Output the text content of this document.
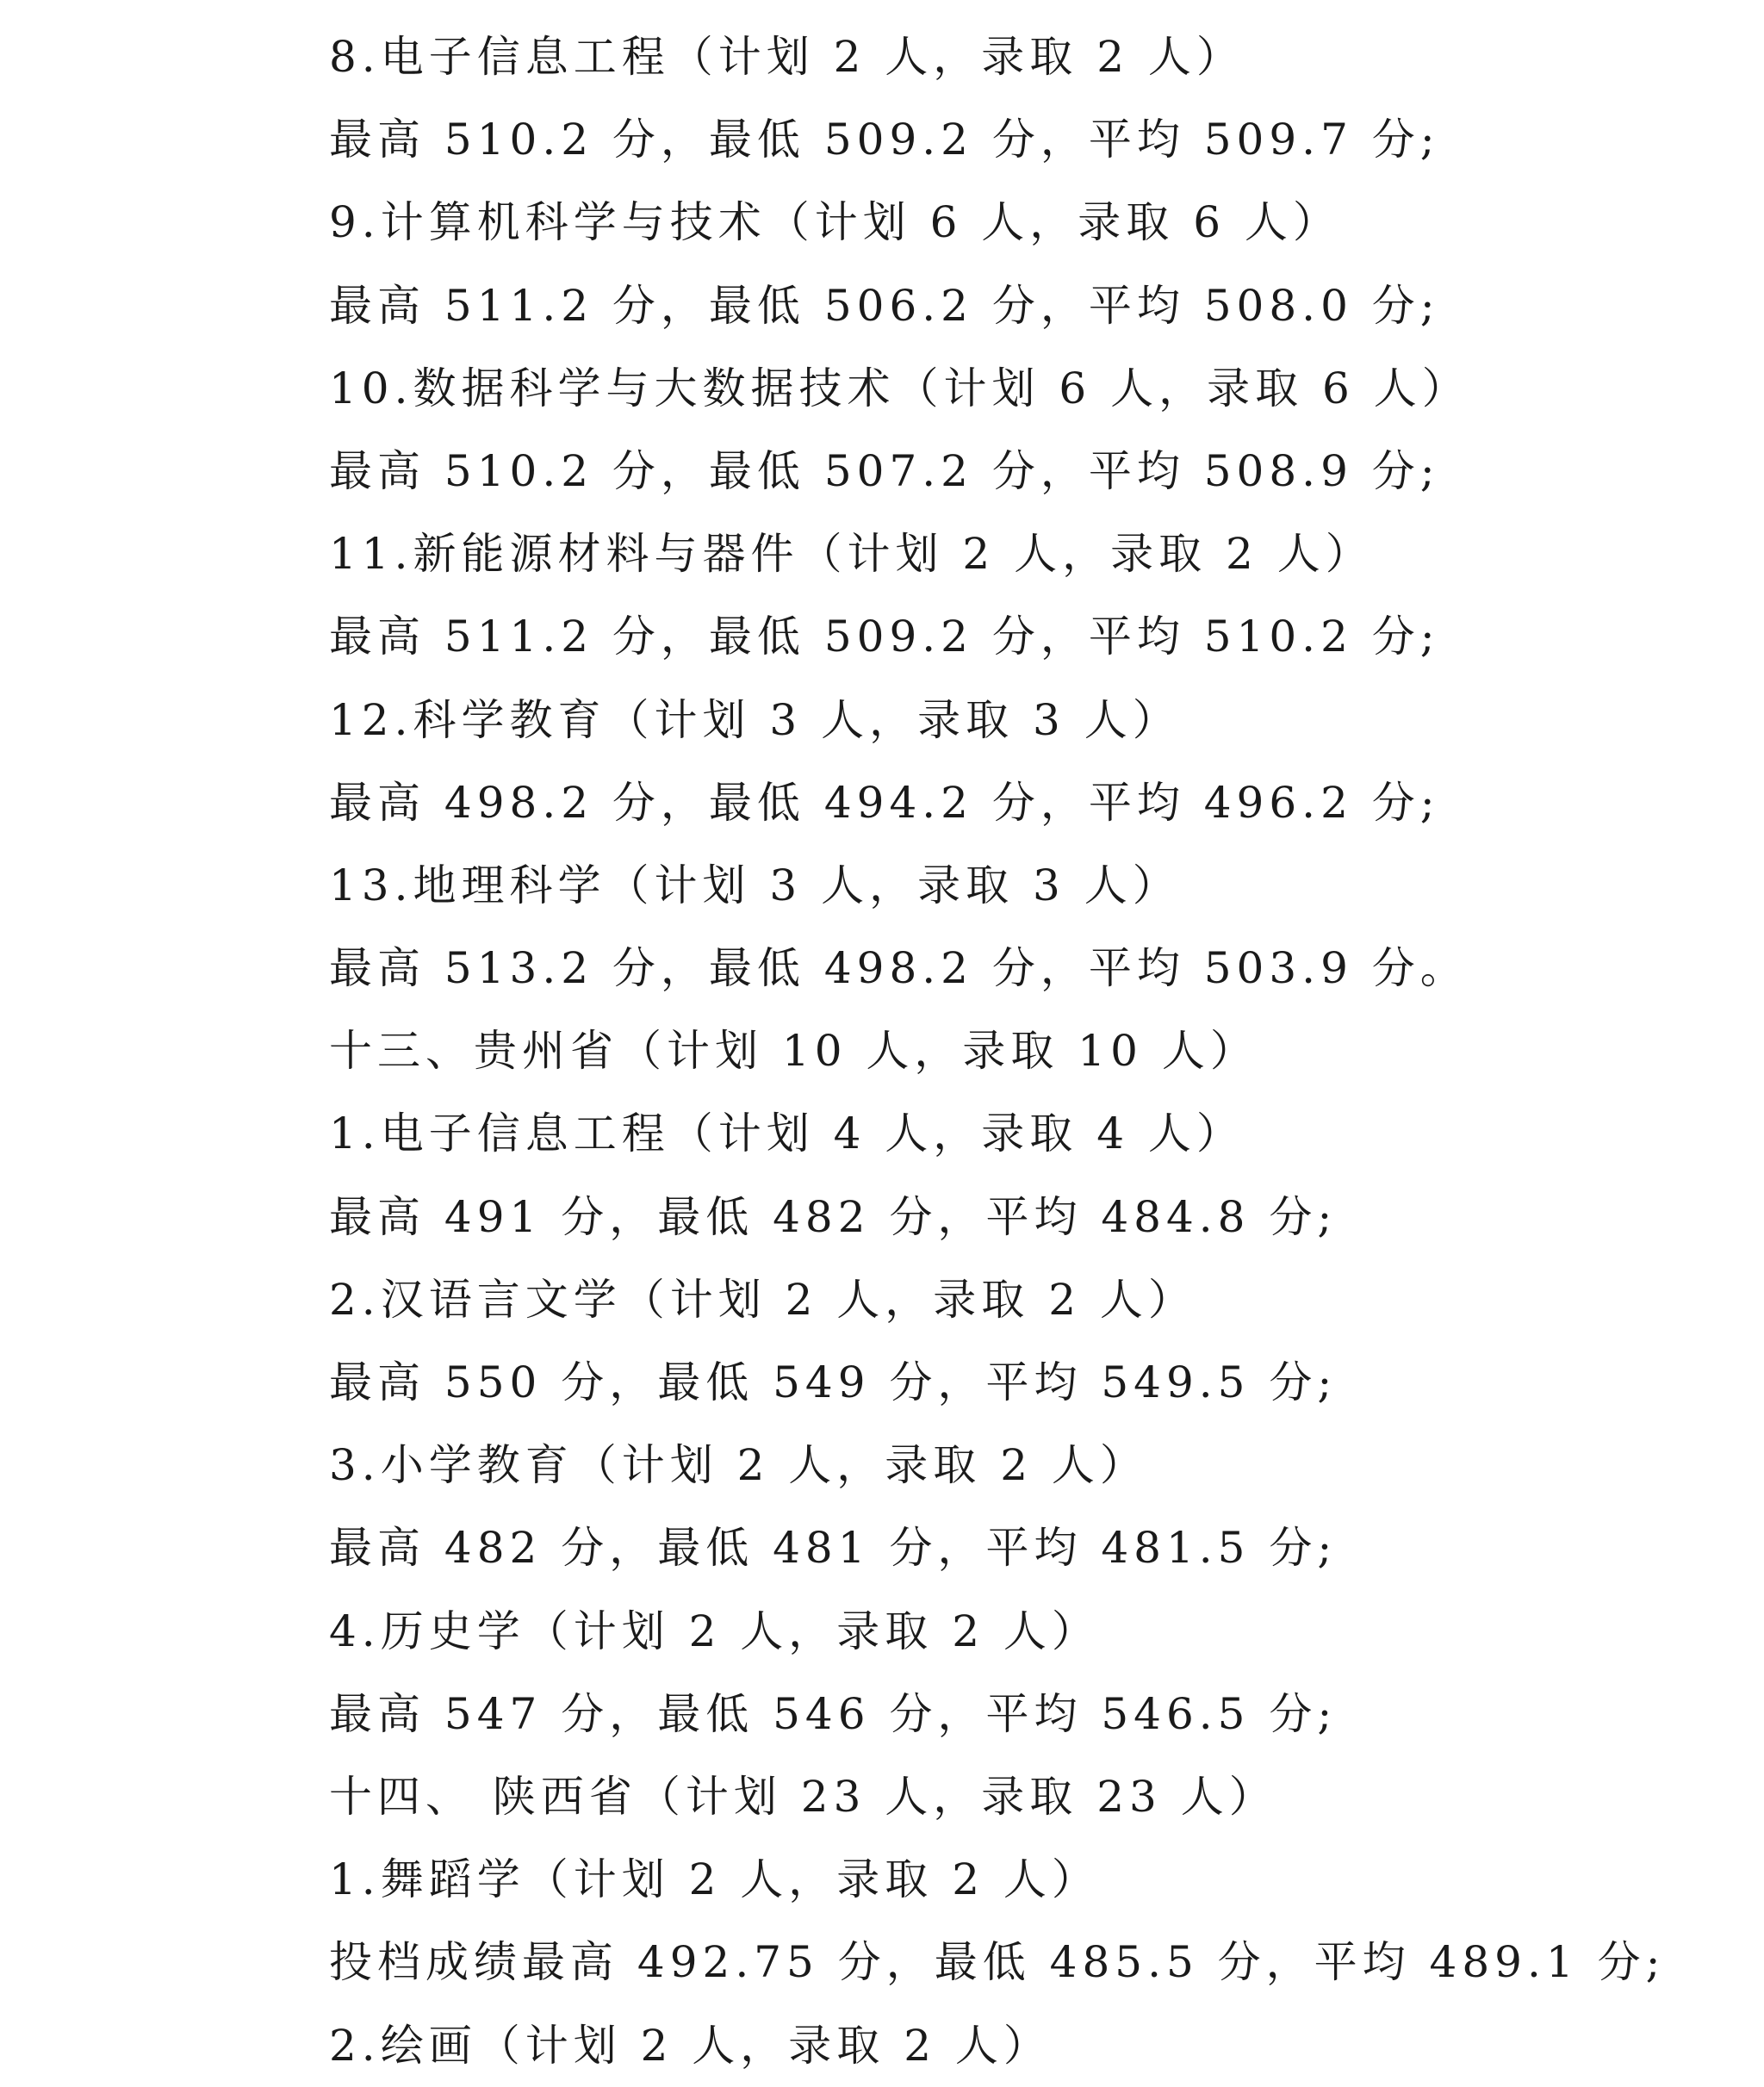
8.电子信息工程（计划 2 人，录取 2 人）
最高 510.2 分，最低 509.2 分，平均 509.7 分;
9.计算机科学与技术（计划 6 人，录取 6 人）
最高 511.2 分，最低 506.2 分，平均 508.0 分;
10.数据科学与大数据技术（计划 6 人，录取 6 人）
最高 510.2 分，最低 507.2 分，平均 508.9 分;
11.新能源材料与器件（计划 2 人，录取 2 人）
最高 511.2 分，最低 509.2 分，平均 510.2 分;
12.科学教育（计划 3 人，录取 3 人）
最高 498.2 分，最低 494.2 分，平均 496.2 分;
13.地理科学（计划 3 人，录取 3 人）
最高 513.2 分，最低 498.2 分，平均 503.9 分。
十三、贵州省（计划 10 人，录取 10 人）
1.电子信息工程（计划 4 人，录取 4 人）
最高 491 分，最低 482 分，平均 484.8 分;
2.汉语言文学（计划 2 人，录取 2 人）
最高 550 分，最低 549 分，平均 549.5 分;
3.小学教育（计划 2 人，录取 2 人）
最高 482 分，最低 481 分，平均 481.5 分;
4.历史学（计划 2 人，录取 2 人）
最高 547 分，最低 546 分，平均 546.5 分;
十四、 陕西省（计划 23 人，录取 23 人）
1.舞蹈学（计划 2 人，录取 2 人）
投档成绩最高 492.75 分，最低 485.5 分，平均 489.1 分;
2.绘画（计划 2 人，录取 2 人）
